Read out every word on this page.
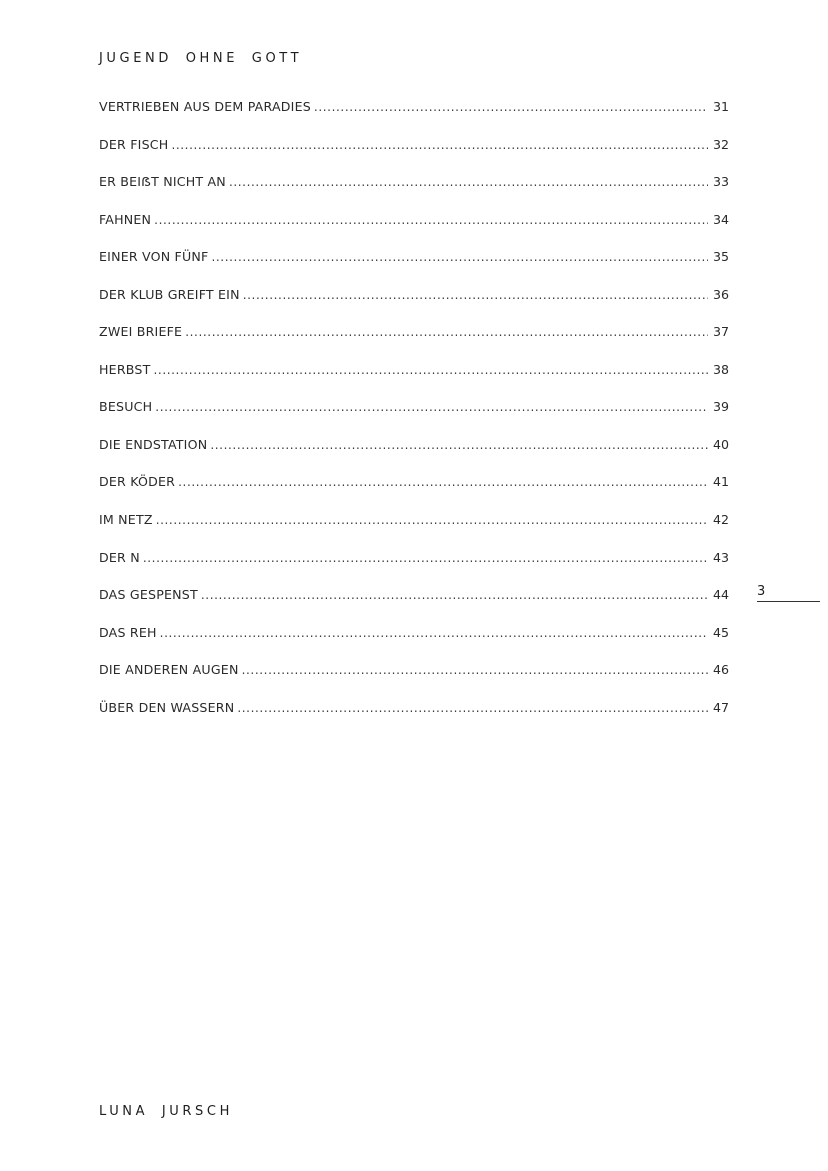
JUGEND OHNE GOTT
VERTRIEBEN AUS DEM PARADIES .....	31
DER FISCH .....	32
ER BEIẞT NICHT AN .....	33
FAHNEN .....	34
EINER VON FÜNF .....	35
DER KLUB GREIFT EIN .....	36
ZWEI BRIEFE .....	37
HERBST .....	38
BESUCH .....	39
DIE ENDSTATION .....	40
DER KÖDER .....	41
IM NETZ .....	42
DER N .....	43
DAS GESPENST .....	44
DAS REH .....	45
DIE ANDEREN AUGEN .....	46
ÜBER DEN WASSERN .....	47
3
LUNA JURSCH
